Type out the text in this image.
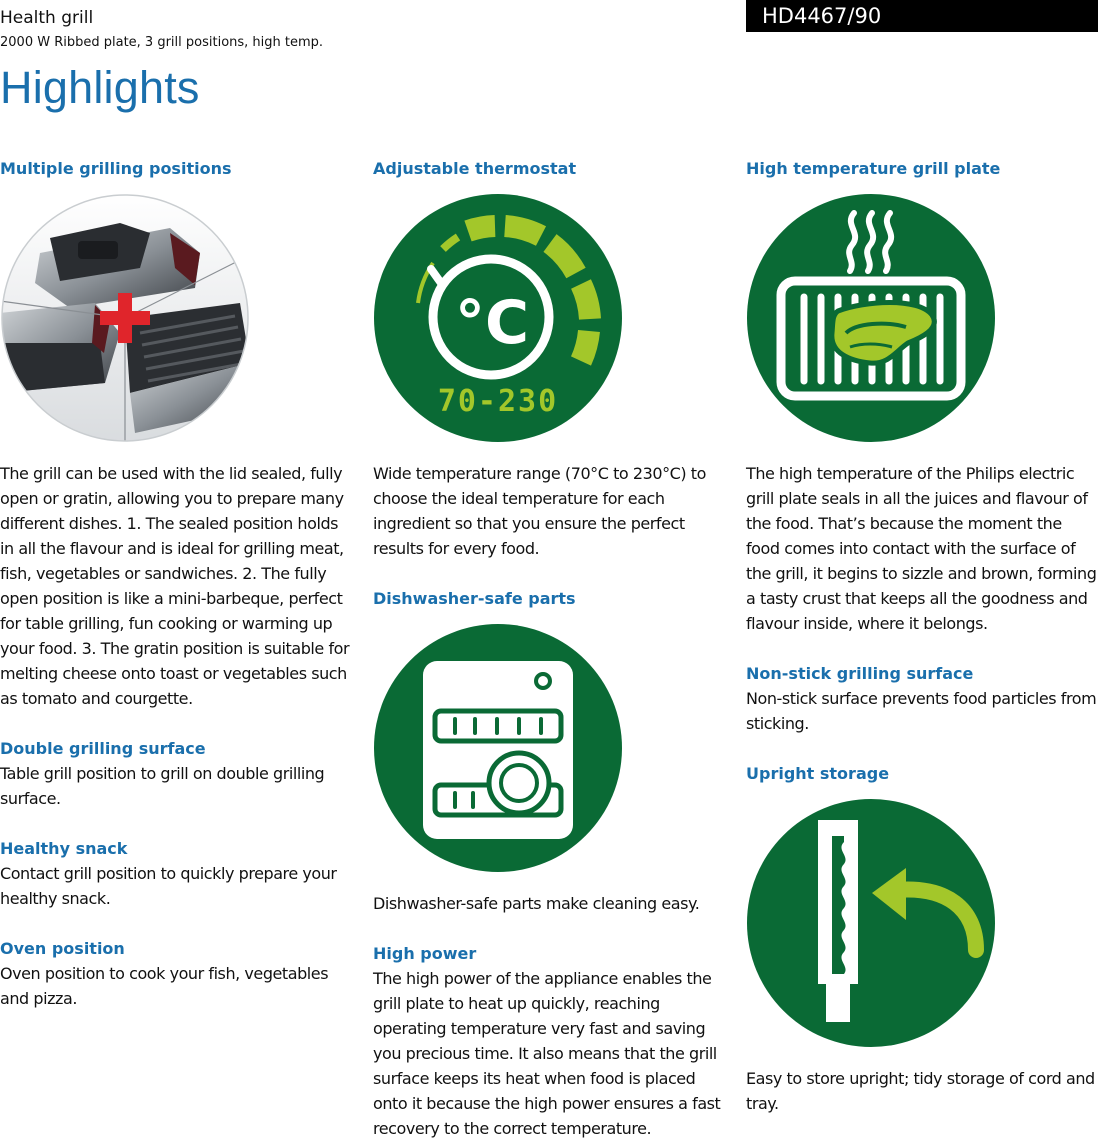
Health grill
2000 W Ribbed plate, 3 grill positions, high temp.
HD4467/90
Highlights
Multiple grilling positions
The grill can be used with the lid sealed, fully open or gratin, allowing you to prepare many different dishes. 1. The sealed position holds in all the flavour and is ideal for grilling meat, fish, vegetables or sandwiches. 2. The fully open position is like a mini-barbeque, perfect for table grilling, fun cooking or warming up your food. 3. The gratin position is suitable for melting cheese onto toast or vegetables such as tomato and courgette.
Double grilling surface
Table grill position to grill on double grilling surface.
Healthy snack
Contact grill position to quickly prepare your healthy snack.
Oven position
Oven position to cook your fish, vegetables and pizza.
Adjustable thermostat
°C
70-230
Wide temperature range (70°C to 230°C) to choose the ideal temperature for each ingredient so that you ensure the perfect results for every food.
Dishwasher-safe parts
Dishwasher-safe parts make cleaning easy.
High power
The high power of the appliance enables the grill plate to heat up quickly, reaching operating temperature very fast and saving you precious time. It also means that the grill surface keeps its heat when food is placed onto it because the high power ensures a fast recovery to the correct temperature.
High temperature grill plate
The high temperature of the Philips electric grill plate seals in all the juices and flavour of the food. That’s because the moment the food comes into contact with the surface of the grill, it begins to sizzle and brown, forming a tasty crust that keeps all the goodness and flavour inside, where it belongs.
Non-stick grilling surface
Non-stick surface prevents food particles from sticking.
Upright storage
Easy to store upright; tidy storage of cord and tray.
